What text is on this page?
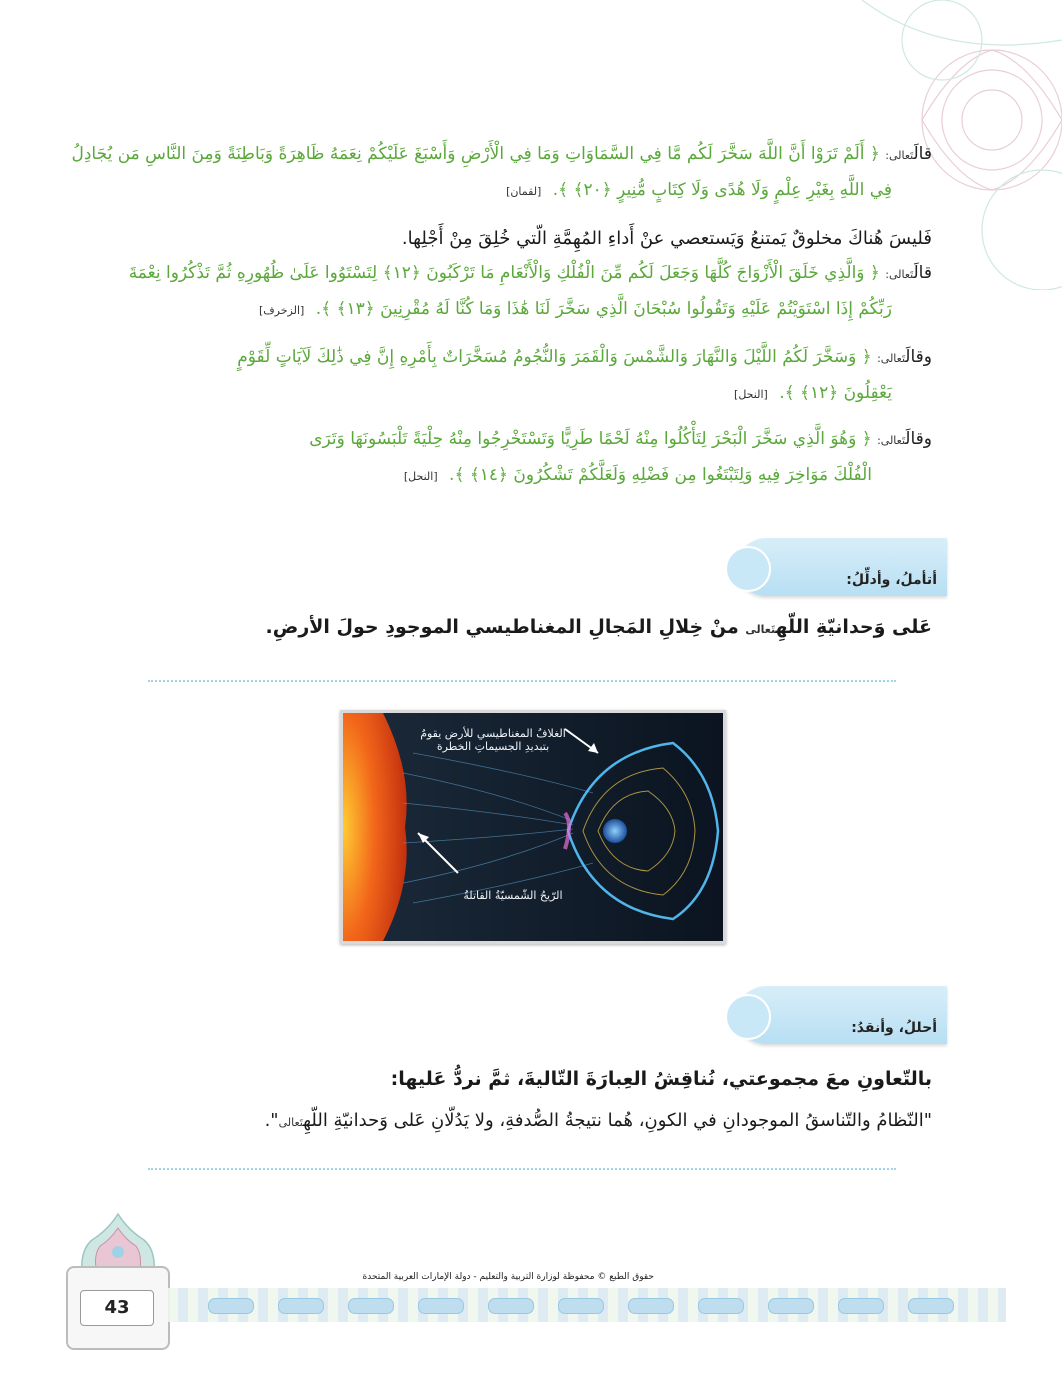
قالَتَعالى: ﴿ أَلَمْ تَرَوْا أَنَّ اللَّهَ سَخَّرَ لَكُم مَّا فِي السَّمَاوَاتِ وَمَا فِي الْأَرْضِ وَأَسْبَغَ عَلَيْكُمْ نِعَمَهُ ظَاهِرَةً وَبَاطِنَةً وَمِنَ النَّاسِ مَن يُجَادِلُ
فِي اللَّهِ بِغَيْرِ عِلْمٍ وَلَا هُدًى وَلَا كِتَابٍ مُّنِيرٍ ﴿٢٠﴾ ﴾. [لقمان]
فَليسَ هُناكَ مخلوقٌ يَمتنعُ وَيَستعصي عنْ أَداءِ المُهِمَّةِ الّتي خُلِقَ مِنْ أَجْلِها.
قالَتَعالى: ﴿ وَالَّذِي خَلَقَ الْأَزْوَاجَ كُلَّهَا وَجَعَلَ لَكُم مِّنَ الْفُلْكِ وَالْأَنْعَامِ مَا تَرْكَبُونَ ﴿١٢﴾ لِتَسْتَوُوا عَلَىٰ ظُهُورِهِ ثُمَّ تَذْكُرُوا نِعْمَةَ
رَبِّكُمْ إِذَا اسْتَوَيْتُمْ عَلَيْهِ وَتَقُولُوا سُبْحَانَ الَّذِي سَخَّرَ لَنَا هَٰذَا وَمَا كُنَّا لَهُ مُقْرِنِينَ ﴿١٣﴾ ﴾. [الزخرف]
وقالَتَعالى: ﴿ وَسَخَّرَ لَكُمُ اللَّيْلَ وَالنَّهَارَ وَالشَّمْسَ وَالْقَمَرَ وَالنُّجُومُ مُسَخَّرَاتٌ بِأَمْرِهِ إِنَّ فِي ذَٰلِكَ لَآيَاتٍ لِّقَوْمٍ
يَعْقِلُونَ ﴿١٢﴾ ﴾. [النحل]
وقالَتَعالى: ﴿ وَهُوَ الَّذِي سَخَّرَ الْبَحْرَ لِتَأْكُلُوا مِنْهُ لَحْمًا طَرِيًّا وَتَسْتَخْرِجُوا مِنْهُ حِلْيَةً تَلْبَسُونَهَا وَتَرَى
الْفُلْكَ مَوَاخِرَ فِيهِ وَلِتَبْتَغُوا مِن فَضْلِهِ وَلَعَلَّكُمْ تَشْكُرُونَ ﴿١٤﴾ ﴾. [النحل]
أتأملُ، وأدلِّلُ:
عَلى وَحدانيّةِ اللّهِتَعالى منْ خِلالِ المَجالِ المغناطيسي الموجودِ حولَ الأرضِ.
الغلافُ المغناطيسي للأرض يقومُ
بتبديدِ الجسيماتِ الخطرة
الرّيحُ الشّمسيّةُ القاتلةُ
أحللُ، وأنقدُ:
بالتّعاونِ معَ مجموعتي، نُناقِشُ العِبارَةَ التّاليةَ، ثمَّ نردُّ عَليها:
"النّظامُ والتّناسقُ الموجودانِ في الكونِ، هُما نتيجةُ الصُّدفةِ، ولا يَدُلّانِ عَلى وَحدانيّةِ اللّهِتَعالى".
43
حقوق الطبع © محفوظة لوزارة التربية والتعليم - دولة الإمارات العربية المتحدة
